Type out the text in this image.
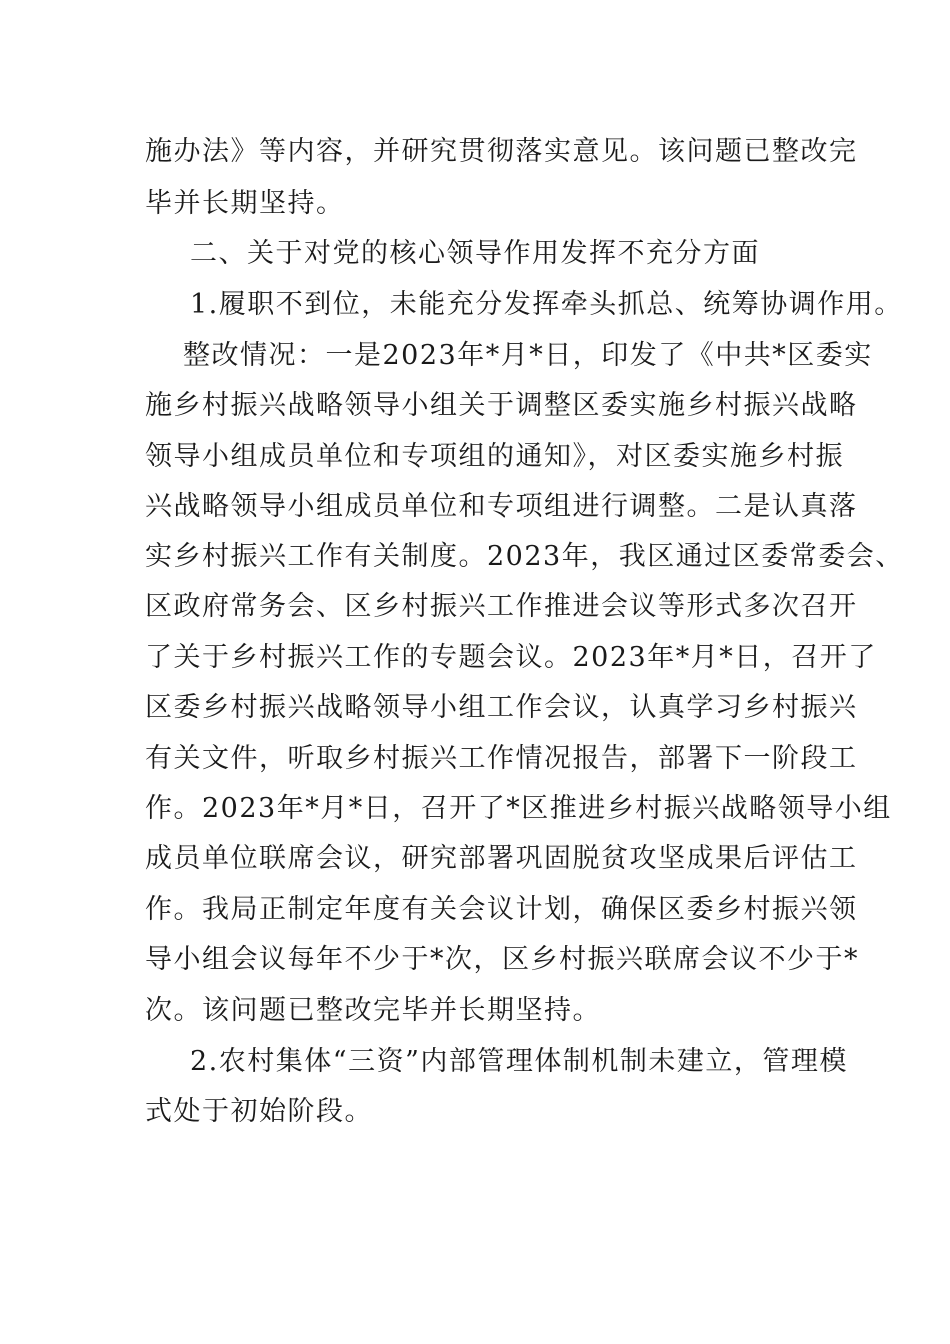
施办法》等内容，并研究贯彻落实意见。该问题已整改完

毕并长期坚持。

二、关于对党的核心领导作用发挥不充分方面

1.履职不到位，未能充分发挥牵头抓总、统筹协调作用。

整改情况：一是2023年*月*日，印发了《中共*区委实

施乡村振兴战略领导小组关于调整区委实施乡村振兴战略

领导小组成员单位和专项组的通知》，对区委实施乡村振

兴战略领导小组成员单位和专项组进行调整。二是认真落

实乡村振兴工作有关制度。2023年，我区通过区委常委会、

区政府常务会、区乡村振兴工作推进会议等形式多次召开

了关于乡村振兴工作的专题会议。2023年*月*日，召开了

区委乡村振兴战略领导小组工作会议，认真学习乡村振兴

有关文件，听取乡村振兴工作情况报告，部署下一阶段工

作。2023年*月*日，召开了*区推进乡村振兴战略领导小组

成员单位联席会议，研究部署巩固脱贫攻坚成果后评估工

作。我局正制定年度有关会议计划，确保区委乡村振兴领

导小组会议每年不少于*次，区乡村振兴联席会议不少于*

次。该问题已整改完毕并长期坚持。

2.农村集体“三资”内部管理体制机制未建立，管理模

式处于初始阶段。
